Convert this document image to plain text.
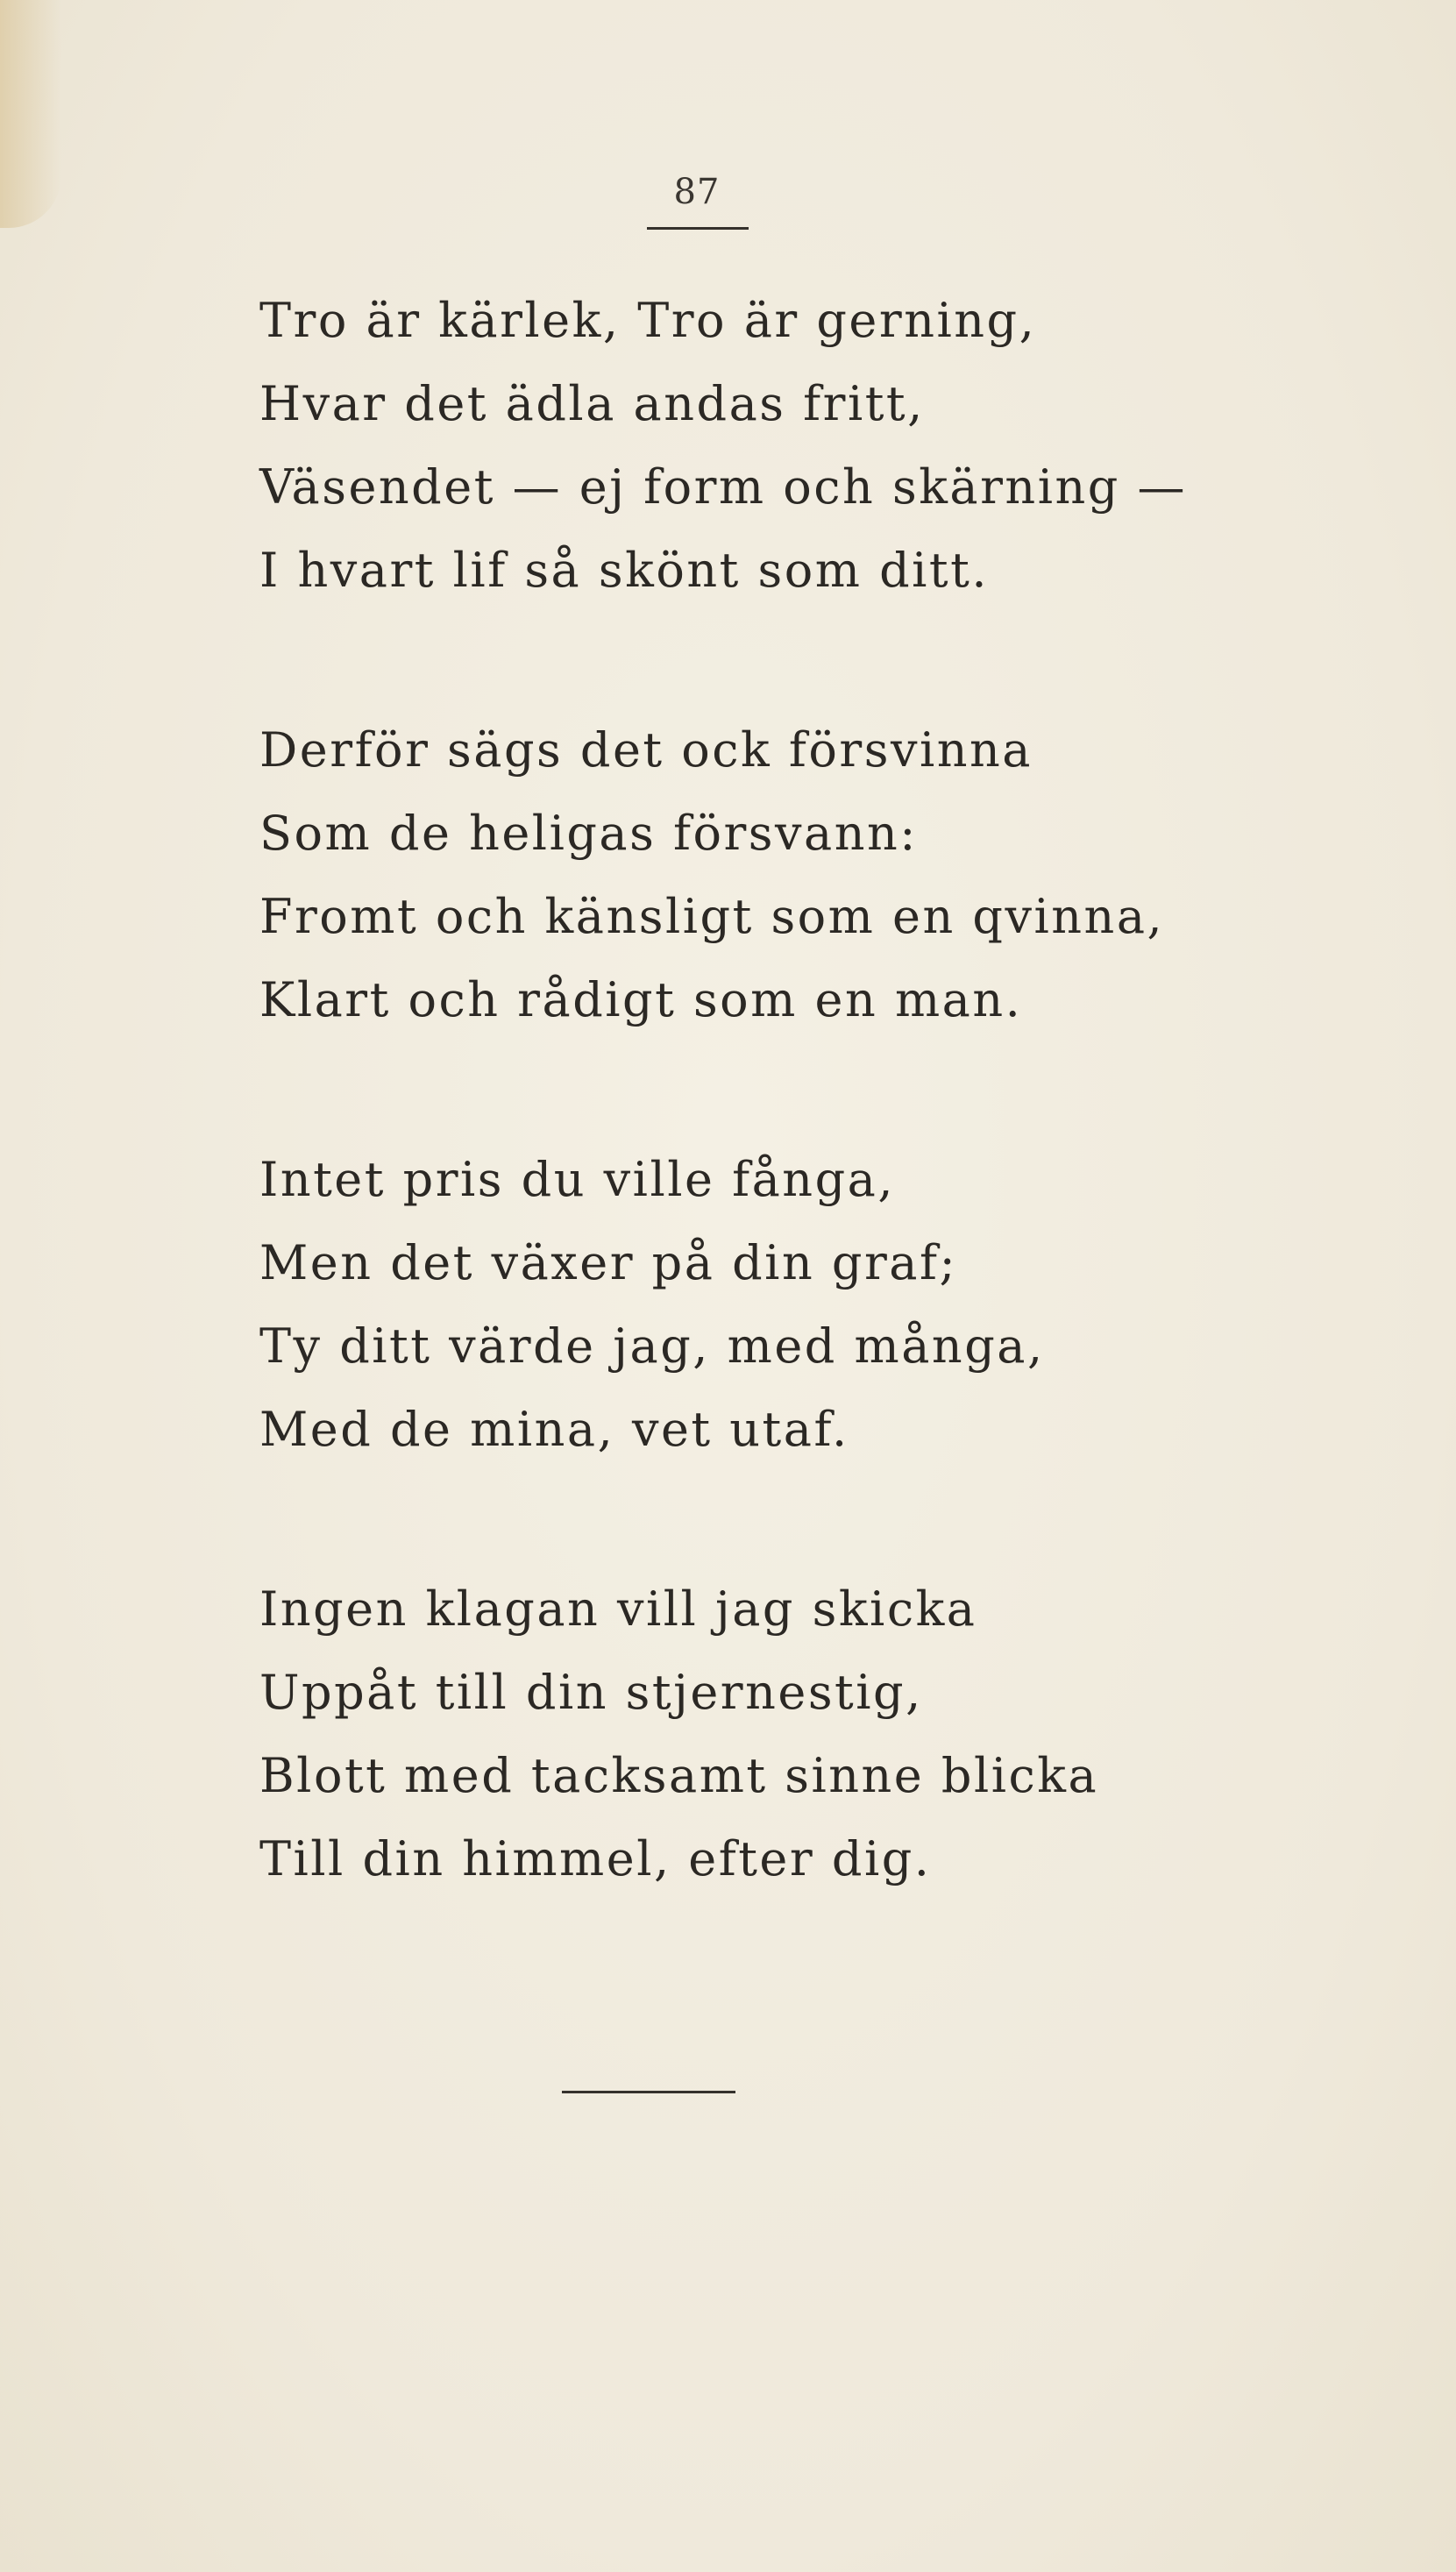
87
Tro är kärlek, Tro är gerning,
Hvar det ädla andas fritt,
Väsendet — ej form och skärning —
I hvart lif så skönt som ditt.
Derför sägs det ock försvinna
Som de heligas försvann:
Fromt och känsligt som en qvinna,
Klart och rådigt som en man.
Intet pris du ville fånga,
Men det växer på din graf;
Ty ditt värde jag, med många,
Med de mina, vet utaf.
Ingen klagan vill jag skicka
Uppåt till din stjernestig,
Blott med tacksamt sinne blicka
Till din himmel, efter dig.
